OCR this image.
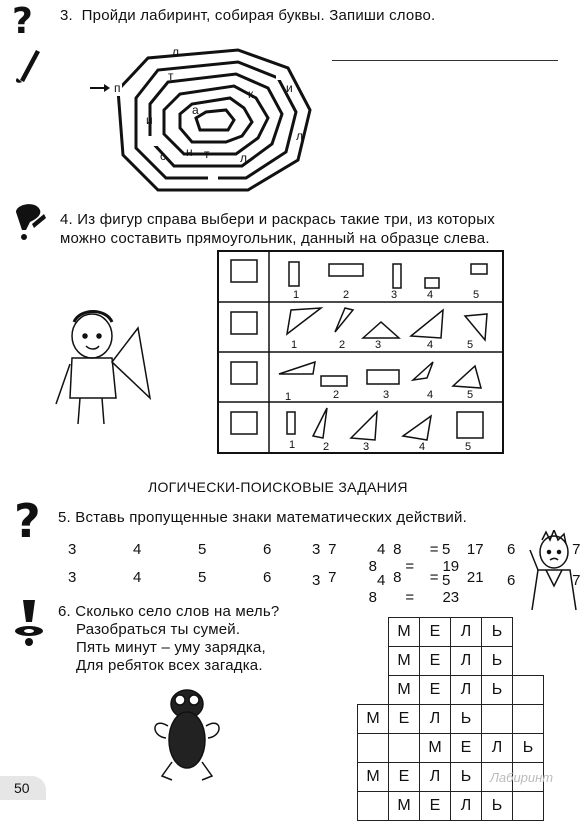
? 3. Пройди лабиринт, собирая буквы. Запиши слово.
л
п
т
к	и
а
и
л
с н т	л
4. Из фигур справа выбери и раскрась такие три, из которых
можно составить прямоугольник, данный на образце слева.
1	2	3	4	5
1	2	3	4	5
1	2	3	4	5
1	2	3	4	5
ЛОГИЧЕСКИ-ПОИСКОВЫЕ ЗАДАНИЯ
? 5. Вставь пропущенные знаки математических действий.
3	4	5	6	7	8 = 17
3	4	5	6	7    8 = 19
3	4	5	6	7	8 = 21
3	4	5	6	7    8 = 23
6. Сколько село слов на мель?
Разобраться ты сумей.
Пять минут – уму зарядка,
Для ребяток всех загадка.
	М	Е	Л	Ь	
	М	Е	Л	Ь	
	М	Е	Л	Ь	
М	Е	Л	Ь		
		М	Е	Л	Ь
М	Е	Л	Ь		
	М	Е	Л	Ь	
50
Лабиринт
